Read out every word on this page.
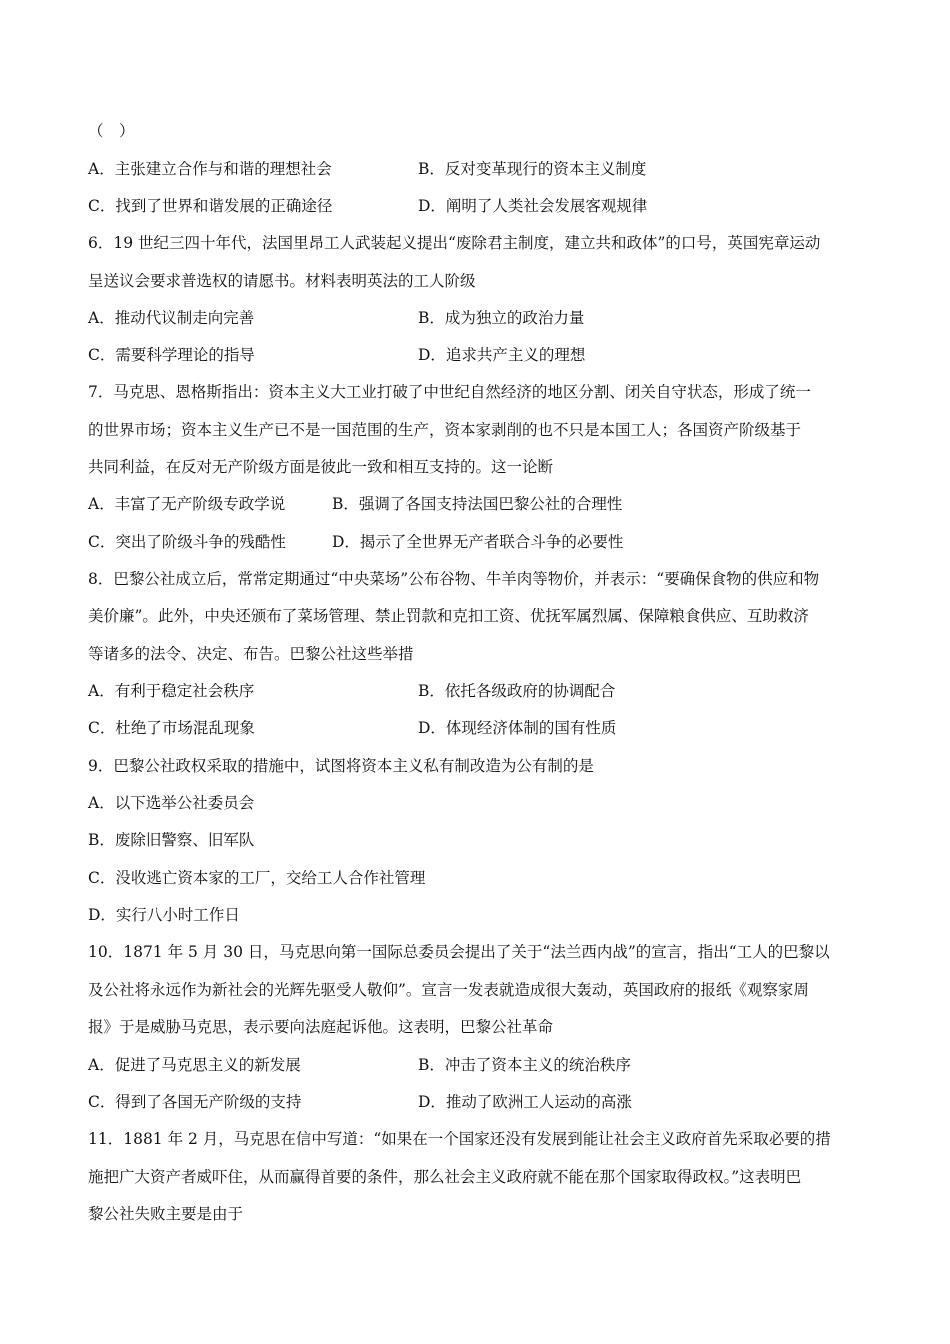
（　）
A．主张建立合作与和谐的理想社会	B．反对变革现行的资本主义制度
C．找到了世界和谐发展的正确途径	D．阐明了人类社会发展客观规律
6．19 世纪三四十年代，法国里昂工人武装起义提出“废除君主制度，建立共和政体”的口号，英国宪章运动
呈送议会要求普选权的请愿书。材料表明英法的工人阶级
A．推动代议制走向完善	B．成为独立的政治力量
C．需要科学理论的指导	D．追求共产主义的理想
7．马克思、恩格斯指出：资本主义大工业打破了中世纪自然经济的地区分割、闭关自守状态，形成了统一
的世界市场；资本主义生产已不是一国范围的生产，资本家剥削的也不只是本国工人；各国资产阶级基于
共同利益，在反对无产阶级方面是彼此一致和相互支持的。这一论断
A．丰富了无产阶级专政学说	B．强调了各国支持法国巴黎公社的合理性
C．突出了阶级斗争的残酷性	D．揭示了全世界无产者联合斗争的必要性
8．巴黎公社成立后，常常定期通过“中央菜场”公布谷物、牛羊肉等物价，并表示：“要确保食物的供应和物
美价廉”。此外，中央还颁布了菜场管理、禁止罚款和克扣工资、优抚军属烈属、保障粮食供应、互助救济
等诸多的法令、决定、布告。巴黎公社这些举措
A．有利于稳定社会秩序	B．依托各级政府的协调配合
C．杜绝了市场混乱现象	D．体现经济体制的国有性质
9．巴黎公社政权采取的措施中，试图将资本主义私有制改造为公有制的是
A．以下选举公社委员会
B．废除旧警察、旧军队
C．没收逃亡资本家的工厂，交给工人合作社管理
D．实行八小时工作日
10．1871 年 5 月 30 日，马克思向第一国际总委员会提出了关于“法兰西内战”的宣言，指出“工人的巴黎以
及公社将永远作为新社会的光辉先驱受人敬仰”。宣言一发表就造成很大轰动，英国政府的报纸《观察家周
报》于是威胁马克思，表示要向法庭起诉他。这表明，巴黎公社革命
A．促进了马克思主义的新发展	B．冲击了资本主义的统治秩序
C．得到了各国无产阶级的支持	D．推动了欧洲工人运动的高涨
11．1881 年 2 月，马克思在信中写道：“如果在一个国家还没有发展到能让社会主义政府首先采取必要的措
施把广大资产者威吓住，从而赢得首要的条件，那么社会主义政府就不能在那个国家取得政权。”这表明巴
黎公社失败主要是由于
